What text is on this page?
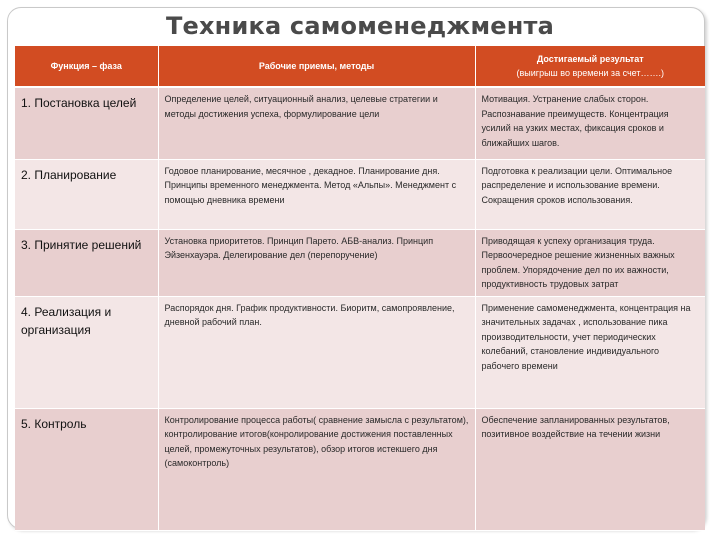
Техника самоменеджмента
Функция – фаза	Рабочие приемы, методы	Достигаемый результат
(выигрыш во времени за счет…….)

1. Постановка целей	Определение целей, ситуационный анализ, целевые стратегии и методы достижения успеха, формулирование цели	Мотивация. Устранение слабых сторон. Распознавание преимуществ. Концентрация усилий на узких местах, фиксация сроков и ближайших шагов.
2. Планирование	Годовое планирование, месячное , декадное. Планирование дня. Принципы временного менеджмента. Метод «Альпы». Менеджмент с помощью дневника времени	Подготовка к реализации цели. Оптимальное распределение и использование времени. Сокращения сроков использования.
3. Принятие решений	Установка приоритетов. Принцип Парето. АБВ-анализ. Принцип Эйзенхауэра. Делегирование дел (перепоручение)	Приводящая к успеху организация труда. Первоочередное решение жизненных важных проблем. Упорядочение дел по их важности, продуктивность трудовых затрат
4. Реализация и организация	Распорядок дня. График продуктивности. Биоритм, самопроявление, дневной рабочий план.	Применение самоменеджмента, концентрация на значительных задачах , использование пика производительности, учет периодических колебаний, становление индивидуального рабочего времени
5. Контроль	Контролирование процесса работы( сравнение замысла с результатом), контролирование итогов(конролирование достижения поставленных целей, промежуточных результатов), обзор итогов истекшего дня (самоконтроль)	Обеспечение запланированных результатов, позитивное воздействие на течении жизни
